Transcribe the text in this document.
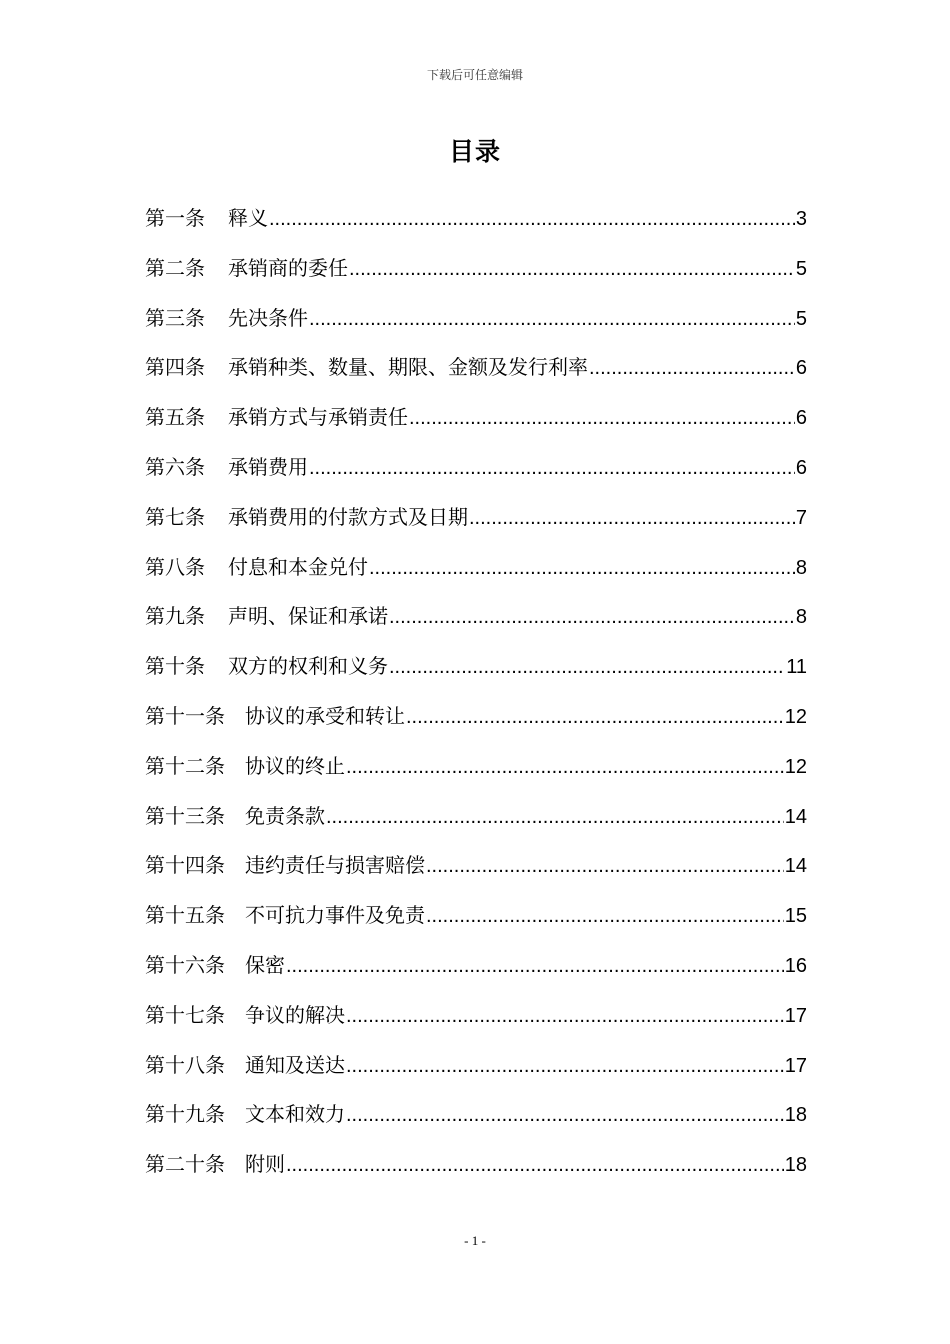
下载后可任意编辑
目录
第一条	释义 .....	3
第二条	承销商的委任 .....	5
第三条	先决条件 .....	5
第四条	承销种类、数量、期限、金额及发行利率 .....	6
第五条	承销方式与承销责任 .....	6
第六条	承销费用 .....	6
第七条	承销费用的付款方式及日期 .....	7
第八条	付息和本金兑付 .....	8
第九条	声明、保证和承诺 .....	8
第十条	双方的权利和义务 .....	11
第十一条	协议的承受和转让 .....	12
第十二条	协议的终止 .....	12
第十三条	免责条款 .....	14
第十四条	违约责任与损害赔偿 .....	14
第十五条	不可抗力事件及免责 .....	15
第十六条	保密 .....	16
第十七条	争议的解决 .....	17
第十八条	通知及送达 .....	17
第十九条	文本和效力 .....	18
第二十条	附则 .....	18
- 1 -
